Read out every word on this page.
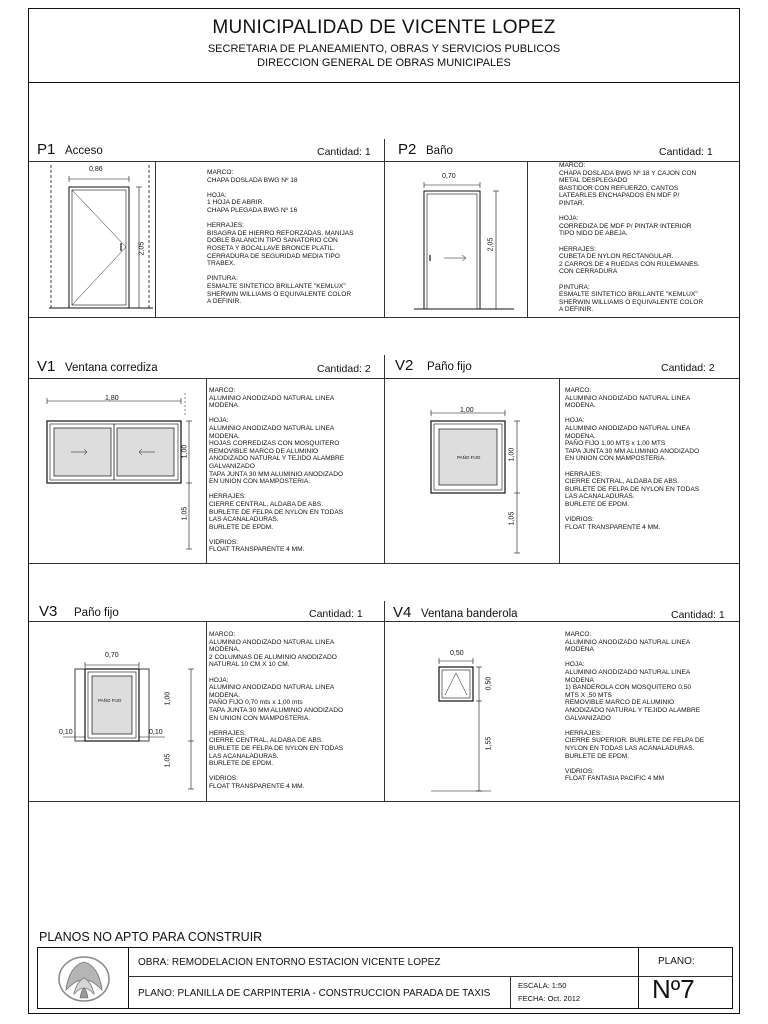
MUNICIPALIDAD DE VICENTE LOPEZ
SECRETARIA DE PLANEAMIENTO, OBRAS Y SERVICIOS PUBLICOS
DIRECCION GENERAL DE OBRAS MUNICIPALES
P1 Acceso	Cantidad: 1
0,86
2,05
MARCO:
CHAPA DOSLADA BWG Nº 18

HOJA:
1 HOJA DE ABRIR.
CHAPA PLEGADA BWG Nº 16

HERRAJES:
BISAGRA DE HIERRO REFORZADAS. MANIJAS
DOBLE BALANCIN TIPO SANATORIO CON
ROSETA Y BOCALLAVE BRONCE PLATIL.
CERRADURA DE SEGURIDAD MEDIA TIPO
TRABEX.

PINTURA:
ESMALTE SINTETICO BRILLANTE "KEMLUX"
SHERWIN WILLIAMS O EQUIVALENTE COLOR
A DEFINIR.
P2 Baño	Cantidad: 1
0,70
2,05
MARCO:
CHAPA DOSLADA BWG Nº 18 Y CAJON CON
METAL DESPLEGADO
BASTIDOR CON REFUERZO, CANTOS
LATEARLES ENCHAPADOS EN MDF P/
PINTAR.

HOJA:
CORREDIZA DE MDF P/ PINTAR INTERIOR
TIPO NIDO DE ABEJA.

HERRAJES:
CUBETA DE NYLON RECTANGULAR.
2 CARROS DE 4 RUEDAS CON RULEMANES.
CON CERRADURA

PINTURA:
ESMALTE SINTETICO BRILLANTE "KEMLUX"
SHERWIN WILLIAMS O EQUIVALENTE COLOR
A DEFINIR.
V1 Ventana corrediza	Cantidad: 2
1,80
1,00
1,05
MARCO:
ALUMINIO ANODIZADO NATURAL LINEA
MODENA.

HOJA:
ALUMINIO ANODIZADO NATURAL LINEA
MODENA.
HOJAS CORREDIZAS CON MOSQUITERO
REMOVIBLE MARCO DE ALUMINIO
ANODIZADO NATURAL Y TEJIDO ALAMBRE
GALVANIZADO
TAPA JUNTA 30 MM ALUMINIO ANODIZADO
EN UNION CON MAMPOSTERIA.

HERRAJES:
CIERRE CENTRAL, ALDABA DE ABS.
BURLETE DE FELPA DE NYLON EN TODAS
LAS ACANALADURAS.
BURLETE DE EPDM.

VIDRIOS:
FLOAT TRANSPARENTE 4 MM.
V2 Paño fijo	Cantidad: 2
1,00
PAÑO FIJO	1,00
1,05
MARCO:
ALUMINIO ANODIZADO NATURAL LINEA
MODENA.

HOJA:
ALUMINIO ANODIZADO NATURAL LINEA
MODENA.
PAÑO FIJO 1,00 MTS x 1,00 MTS
TAPA JUNTA 30 MM ALUMINIO ANODIZADO
EN UNION CON MAMPOSTERIA.

HERRAJES:
CIERRE CENTRAL, ALDABA DE ABS.
BURLETE DE FELPA DE NYLON EN TODAS
LAS ACANALADURAS.
BURLETE DE EPDM.

VIDRIOS:
FLOAT TRANSPARENTE 4 MM.
V3 Paño fijo	Cantidad: 1
0,70
PAÑO FIJO
0,10	0,10
1,00
1,05
MARCO:
ALUMINIO ANODIZADO NATURAL LINEA
MODENA.
2 COLUMNAS DE ALUMINIO ANODIZADO
NATURAL 10 CM X 10 CM.

HOJA:
ALUMINIO ANODIZADO NATURAL LINEA
MODENA.
PAÑO FIJO 0,70 mts x 1,00 mts
TAPA JUNTA 30 MM ALUMINIO ANODIZADO
EN UNION CON MAMPOSTERIA.

HERRAJES:
CIERRE CENTRAL, ALDABA DE ABS.
BURLETE DE FELPA DE NYLON EN TODAS
LAS ACANALADURAS.
BURLETE DE EPDM.

VIDRIOS:
FLOAT TRANSPARENTE 4 MM.
V4 Ventana banderola	Cantidad: 1
0,50
0,50
1,55
MARCO:
ALUMINIO ANODIZADO NATURAL LINEA
MODENA

HOJA:
ALUMINIO ANODIZADO NATURAL LINEA
MODENA
1) BANDEROLA CON MOSQUITERO 0,50
MTS X ,50 MTS
REMOVIBLE MARCO DE ALUMINIO
ANODIZADO NATURAL Y TEJIDO ALAMBRE
GALVANIZADO

HERRAJES:
CIERRE SUPERIOR. BURLETE DE FELPA DE
NYLON EN TODAS LAS ACANALADURAS.
BURLETE DE EPDM.

VIDRIOS:
FLOAT FANTASIA PACIFIC 4 MM
PLANOS NO APTO PARA CONSTRUIR
OBRA: REMODELACION ENTORNO ESTACION VICENTE LOPEZ
PLANO: PLANILLA DE CARPINTERIA - CONSTRUCCION PARADA DE TAXIS
ESCALA: 1:50
FECHA: Oct. 2012
PLANO:
Nº7
